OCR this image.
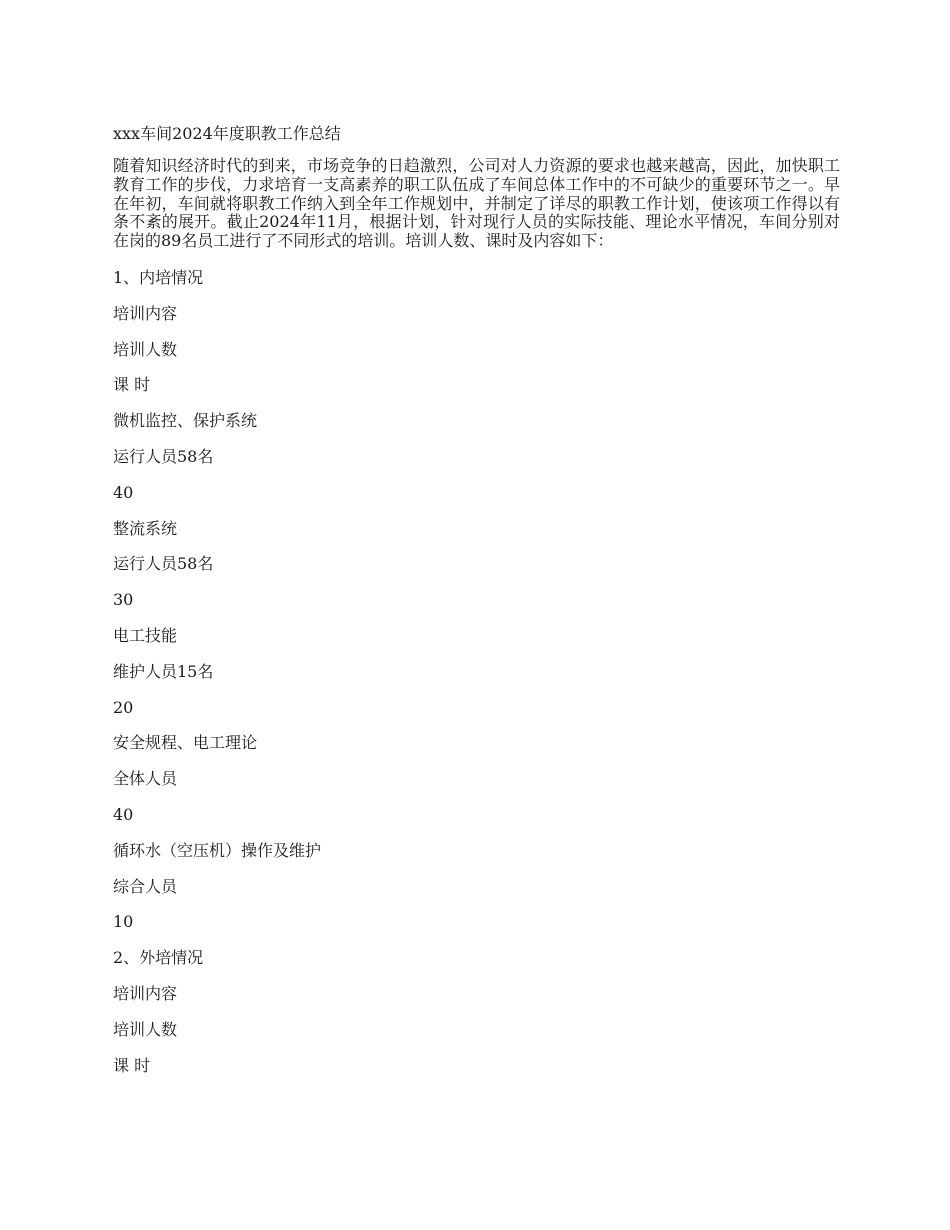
xxx车间2024年度职教工作总结
随着知识经济时代的到来，市场竞争的日趋激烈，公司对人力资源的要求也越来越高，因此，加快职工教育工作的步伐，力求培育一支高素养的职工队伍成了车间总体工作中的不可缺少的重要环节之一。早在年初，车间就将职教工作纳入到全年工作规划中，并制定了详尽的职教工作计划，使该项工作得以有条不紊的展开。截止2024年11月，根据计划，针对现行人员的实际技能、理论水平情况，车间分别对在岗的89名员工进行了不同形式的培训。培训人数、课时及内容如下：
1、内培情况
培训内容
培训人数
课 时
微机监控、保护系统
运行人员58名
40
整流系统
运行人员58名
30
电工技能
维护人员15名
20
安全规程、电工理论
全体人员
40
循环水（空压机）操作及维护
综合人员
10
2、外培情况
培训内容
培训人数
课 时
